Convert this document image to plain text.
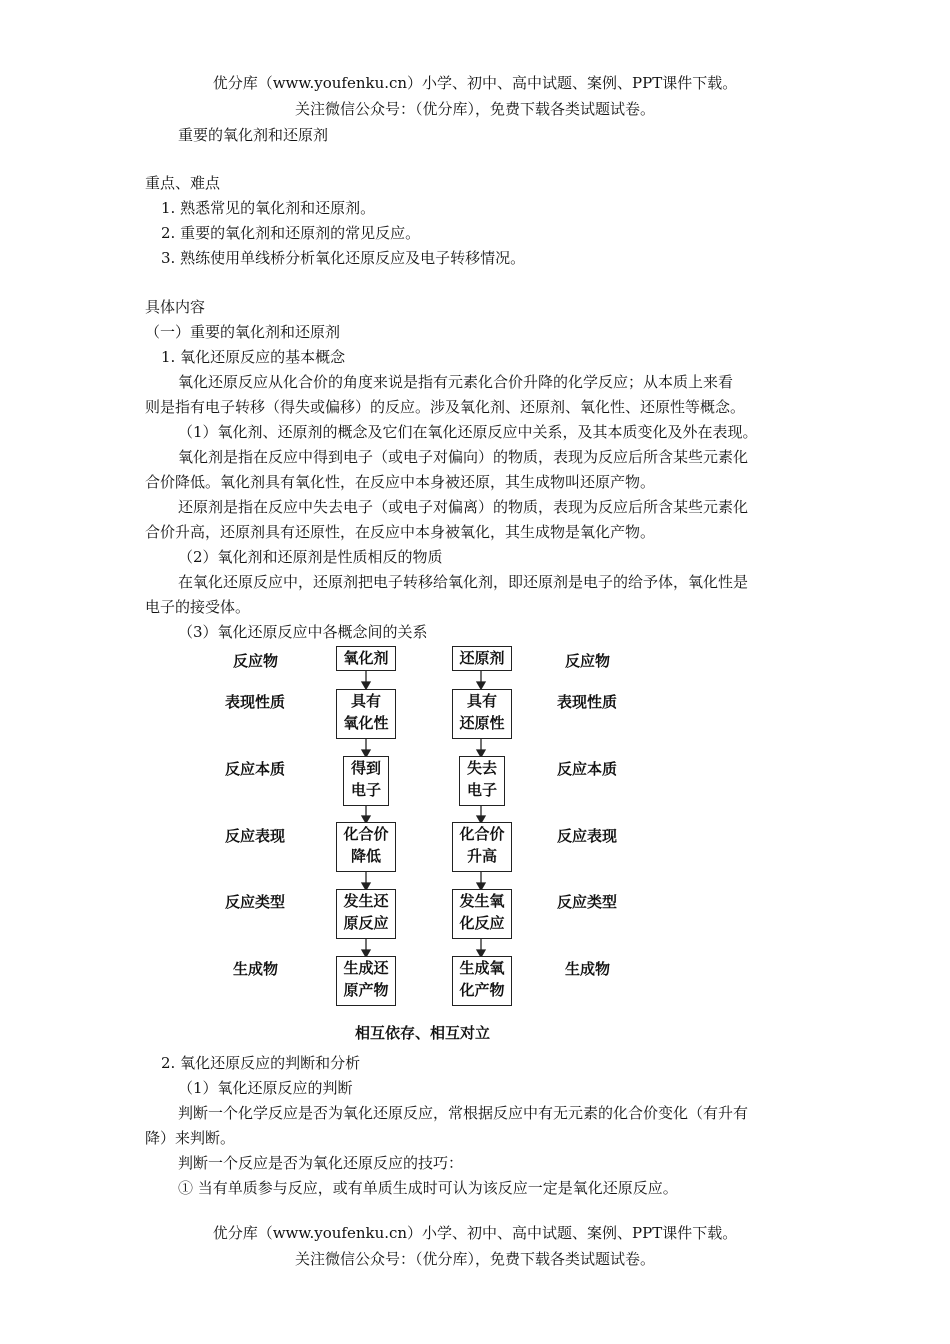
优分库（www.youfenku.cn）小学、初中、高中试题、案例、PPT课件下载。
关注微信公众号：（优分库），免费下载各类试题试卷。
重要的氧化剂和还原剂
重点、难点
1. 熟悉常见的氧化剂和还原剂。
2. 重要的氧化剂和还原剂的常见反应。
3. 熟练使用单线桥分析氧化还原反应及电子转移情况。
具体内容
（一）重要的氧化剂和还原剂
1. 氧化还原反应的基本概念
氧化还原反应从化合价的角度来说是指有元素化合价升降的化学反应；从本质上来看
则是指有电子转移（得失或偏移）的反应。涉及氧化剂、还原剂、氧化性、还原性等概念。
（1）氧化剂、还原剂的概念及它们在氧化还原反应中关系，及其本质变化及外在表现。
氧化剂是指在反应中得到电子（或电子对偏向）的物质，表现为反应后所含某些元素化
合价降低。氧化剂具有氧化性，在反应中本身被还原，其生成物叫还原产物。
还原剂是指在反应中失去电子（或电子对偏离）的物质，表现为反应后所含某些元素化
合价升高，还原剂具有还原性，在反应中本身被氧化，其生成物是氧化产物。
（2）氧化剂和还原剂是性质相反的物质
在氧化还原反应中，还原剂把电子转移给氧化剂，即还原剂是电子的给予体，氧化性是
电子的接受体。
（3）氧化还原反应中各概念间的关系
反应物
表现性质
反应本质
反应表现
反应类型
生成物
反应物
表现性质
反应本质
反应表现
反应类型
生成物
氧化剂
具有
氧化性
得到
电子
化合价
降低
发生还
原反应
生成还
原产物
还原剂
具有
还原性
失去
电子
化合价
升高
发生氧
化反应
生成氧
化产物
相互依存、相互对立
2. 氧化还原反应的判断和分析
（1）氧化还原反应的判断
判断一个化学反应是否为氧化还原反应，常根据反应中有无元素的化合价变化（有升有
降）来判断。
判断一个反应是否为氧化还原反应的技巧：
① 当有单质参与反应，或有单质生成时可认为该反应一定是氧化还原反应。
优分库（www.youfenku.cn）小学、初中、高中试题、案例、PPT课件下载。
关注微信公众号：（优分库），免费下载各类试题试卷。
